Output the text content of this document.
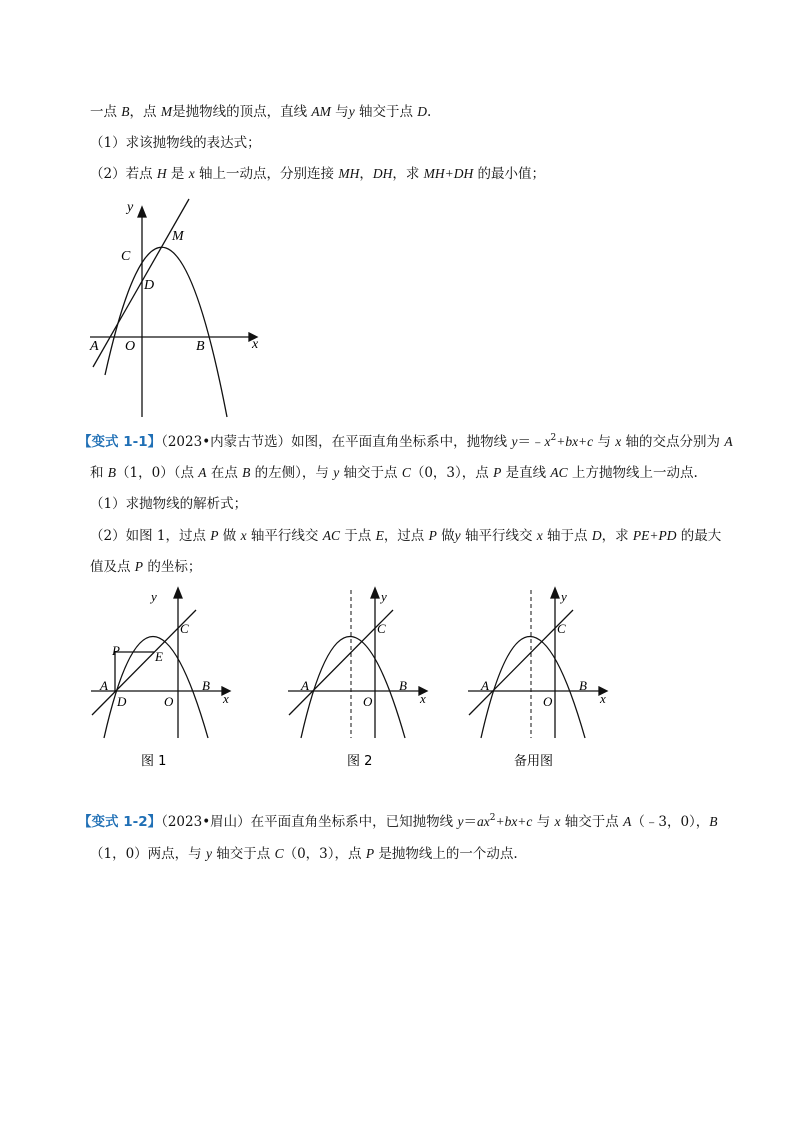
一点 B，点 M是抛物线的顶点，直线 AM 与y 轴交于点 D.
（1）求该抛物线的表达式；
（2）若点 H 是 x 轴上一动点，分别连接 MH，DH，求 MH+DH 的最小值；
y
x
M
C
D
A O	B
【变式 1-1】（2023•内蒙古节选）如图，在平面直角坐标系中，抛物线 $y=﹣x^2+bx+c$ 与 x 轴的交点分别为 A
和 B（1，0）（点 A 在点 B 的左侧），与 y 轴交于点 C（0，3），点 P 是直线 AC 上方抛物线上一动点.
（1）求抛物线的解析式；
（2）如图 1，过点 P 做 x 轴平行线交 AC 于点 E，过点 P 做y 轴平行线交 x 轴于点 D，求 PE+PD 的最大
值及点 P 的坐标；
y
x
C
P	E
A
D	O
B
图 1
y
x
C
A
O
B
图 2
y
x
C
A
O
B
备用图
【变式 1-2】（2023•眉山）在平面直角坐标系中，已知抛物线 $y=ax^2+bx+c$ 与 x 轴交于点 A（﹣3，0），B
（1，0）两点，与 y 轴交于点 C（0，3），点 P 是抛物线上的一个动点.
